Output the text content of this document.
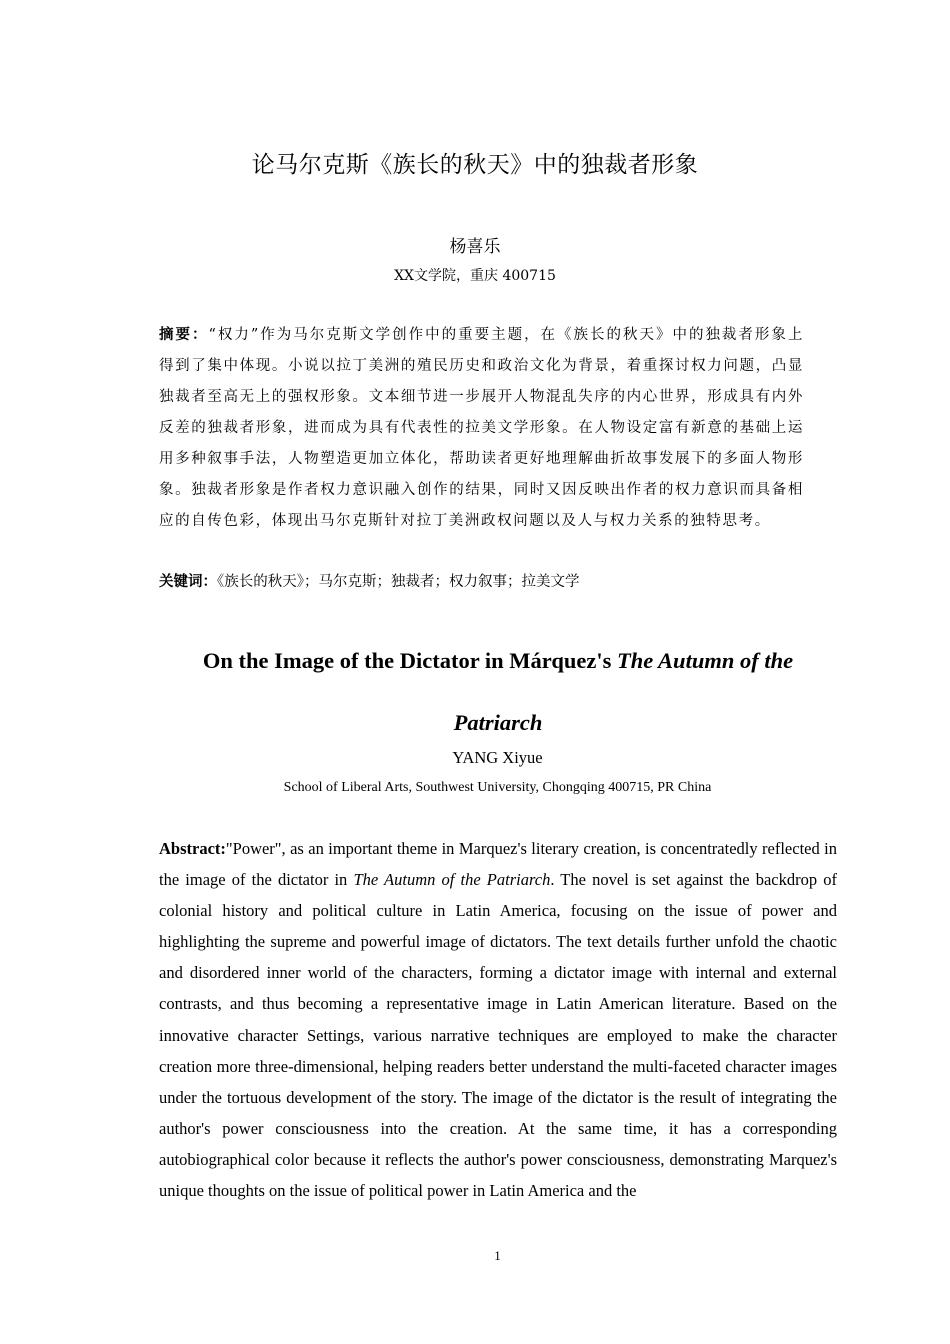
论马尔克斯《族长的秋天》中的独裁者形象
杨喜乐
XX文学院，重庆 400715
摘要：“权力”作为马尔克斯文学创作中的重要主题，在《族长的秋天》中的独裁者形象上得到了集中体现。小说以拉丁美洲的殖民历史和政治文化为背景，着重探讨权力问题，凸显独裁者至高无上的强权形象。文本细节进一步展开人物混乱失序的内心世界，形成具有内外反差的独裁者形象，进而成为具有代表性的拉美文学形象。在人物设定富有新意的基础上运用多种叙事手法，人物塑造更加立体化，帮助读者更好地理解曲折故事发展下的多面人物形象。独裁者形象是作者权力意识融入创作的结果，同时又因反映出作者的权力意识而具备相应的自传色彩，体现出马尔克斯针对拉丁美洲政权问题以及人与权力关系的独特思考。
关键词：《族长的秋天》；马尔克斯；独裁者；权力叙事；拉美文学
On the Image of the Dictator in Márquez's The Autumn of the Patriarch
YANG Xiyue
School of Liberal Arts, Southwest University, Chongqing 400715, PR China
Abstract:"Power", as an important theme in Marquez's literary creation, is concentratedly reflected in the image of the dictator in The Autumn of the Patriarch. The novel is set against the backdrop of colonial history and political culture in Latin America, focusing on the issue of power and highlighting the supreme and powerful image of dictators. The text details further unfold the chaotic and disordered inner world of the characters, forming a dictator image with internal and external contrasts, and thus becoming a representative image in Latin American literature. Based on the innovative character Settings, various narrative techniques are employed to make the character creation more three-dimensional, helping readers better understand the multi-faceted character images under the tortuous development of the story. The image of the dictator is the result of integrating the author's power consciousness into the creation. At the same time, it has a corresponding autobiographical color because it reflects the author's power consciousness, demonstrating Marquez's unique thoughts on the issue of political power in Latin America and the
1
